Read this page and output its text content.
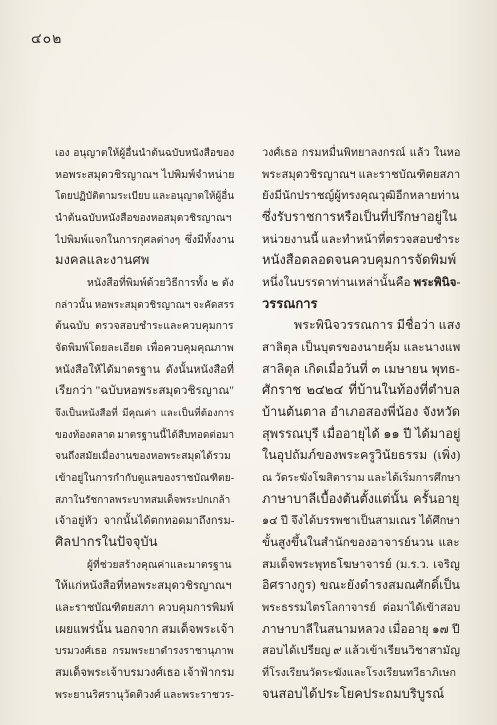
๔๐๒
เอง อนุญาตให้ผู้อื่นนำต้นฉบับหนังสือของ
หอพระสมุดวชิรญาณฯ ไปพิมพ์จำหน่าย
โดยปฏิบัติตามระเบียบ และอนุญาตให้ผู้อื่น
นำต้นฉบับหนังสือของหอสมุดวชิรญาณฯ
ไปพิมพ์แจกในการกุศลต่างๆ ซึ่งมีทั้งงาน
มงคลและงานศพ
หนังสือที่พิมพ์ด้วยวิธีการทั้ง ๒ ดัง
กล่าวนั้น หอพระสมุดวชิรญาณฯ จะคัดสรร
ต้นฉบับ ตรวจสอบชำระและควบคุมการ
จัดพิมพ์โดยละเอียด เพื่อควบคุมคุณภาพ
หนังสือให้ได้มาตรฐาน ดังนั้นหนังสือที่
เรียกว่า "ฉบับหอพระสมุดวชิรญาณ"
จึงเป็นหนังสือที่ มีคุณค่า และเป็นที่ต้องการ
ของท้องตลาด มาตรฐานนี้ได้สืบทอดต่อมา
จนถึงสมัยเมื่องานของหอพระสมุดได้รวม
เข้าอยู่ในการกำกับดูแลของราชบัณฑิตย-
สภาในรัชกาลพระบาทสมเด็จพระปกเกล้า
เจ้าอยู่หัว จากนั้นได้ตกทอดมาถึงกรม-
ศิลปากรในปัจจุบัน
ผู้ที่ช่วยสร้างคุณค่าและมาตรฐาน
ให้แก่หนังสือที่หอพระสมุดวชิรญาณฯ
และราชบัณฑิตยสภา ควบคุมการพิมพ์
เผยแพร่นั้น นอกจาก สมเด็จพระเจ้า
บรมวงศ์เธอ กรมพระยาดำรงราชานุภาพ
สมเด็จพระเจ้าบรมวงศ์เธอ เจ้าฟ้ากรม
พระยานริศรานุวัดติวงศ์ และพระราชวร-
วงศ์เธอ กรมหมื่นพิทยาลงกรณ์ แล้ว ในหอ
พระสมุดวชิรญาณฯ และราชบัณฑิตยสภา
ยังมีนักปราชญ์ผู้ทรงคุณวุฒิอีกหลายท่าน
ซึ่งรับราชการหรือเป็นที่ปรึกษาอยู่ใน
หน่วยงานนี้ และทำหน้าที่ตรวจสอบชำระ
หนังสือตลอดจนควบคุมการจัดพิมพ์
หนึ่งในบรรดาท่านเหล่านั้นคือ พระพินิจ-
วรรณการ
พระพินิจวรรณการ มีชื่อว่า แสง
สาลิตุล เป็นบุตรของนายคุ้ม และนางแพ
สาลิตุล เกิดเมื่อวันที่ ๓ เมษายน พุทธ-
ศักราช ๒๔๒๔ ที่บ้านในท้องที่ตำบล
บ้านต้นตาล อำเภอสองพี่น้อง จังหวัด
สุพรรณบุรี เมื่ออายุได้ ๑๑ ปี ได้มาอยู่
ในอุปถัมภ์ของพระครูวินัยธรรม (เพิ่ง)
ณ วัดระฆังโฆสิตาราม และได้เริ่มการศึกษา
ภาษาบาลีเบื้องต้นตั้งแต่นั้น ครั้นอายุ
๑๔ ปี จึงได้บรรพชาเป็นสามเณร ได้ศึกษา
ขั้นสูงขึ้นในสำนักของอาจารย์นวน และ
สมเด็จพระพุทธโฆษาจารย์ (ม.ร.ว. เจริญ
อิศรางกูร) ขณะยังดำรงสมณศักดิ์เป็น
พระธรรมไตรโลกาจารย์ ต่อมาได้เข้าสอบ
ภาษาบาลีในสนามหลวง เมื่ออายุ ๑๗ ปี
สอบได้เปรียญ ๙ แล้วเข้าเรียนวิชาสามัญ
ที่โรงเรียนวัดระฆังและโรงเรียนทวีธาภิเษก
จนสอบได้ประโยคประถมบริบูรณ์
